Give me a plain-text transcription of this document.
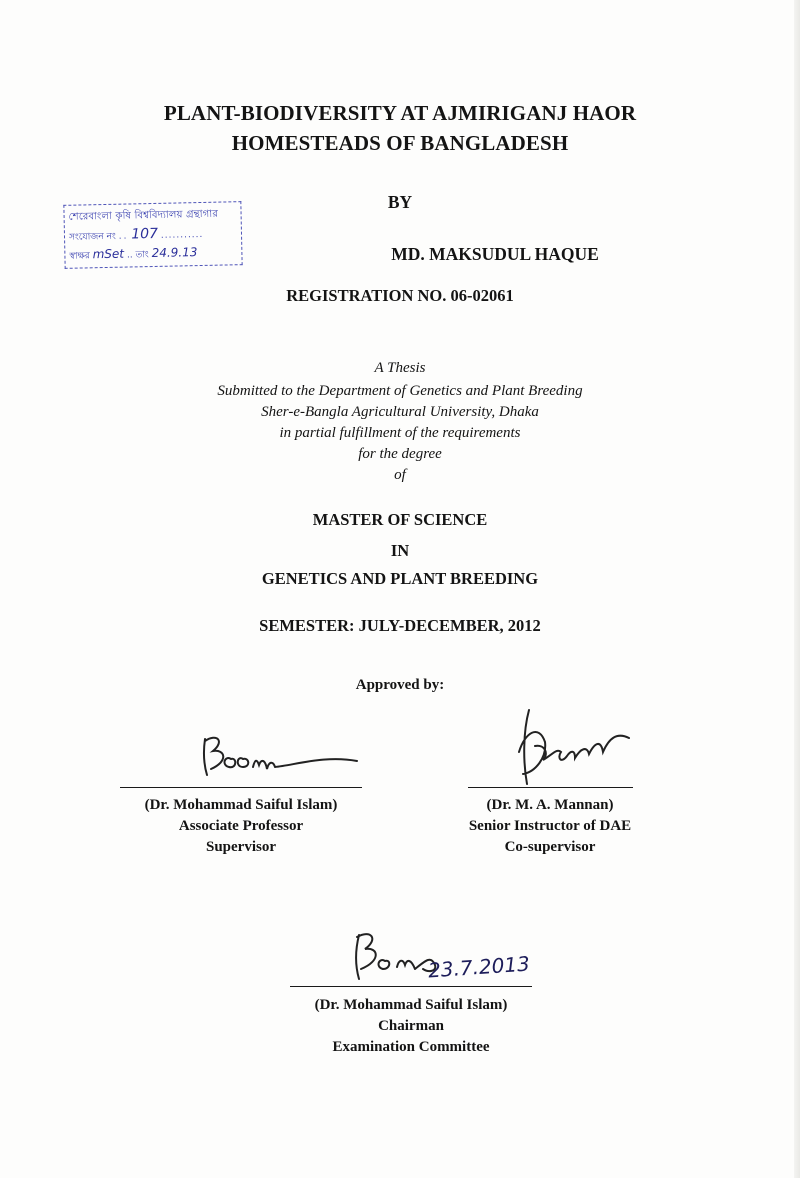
PLANT-BIODIVERSITY AT AJMIRIGANJ HAOR
HOMESTEADS OF BANGLADESH
BY
শেরেবাংলা কৃষি বিশ্ববিদ্যালয় গ্রন্থাগার
সংযোজন নং .. 107 ...........
স্বাক্ষর mSet .. তাং 24.9.13	MD. MAKSUDUL HAQUE
REGISTRATION NO. 06-02061
A Thesis
Submitted to the Department of Genetics and Plant Breeding
Sher-e-Bangla Agricultural University, Dhaka
in partial fulfillment of the requirements
for the degree
of
MASTER OF SCIENCE
IN
GENETICS AND PLANT BREEDING
SEMESTER: JULY-DECEMBER, 2012
Approved by:
(Dr. Mohammad Saiful Islam)
Associate Professor
Supervisor
(Dr. M. A. Mannan)
Senior Instructor of DAE
Co-supervisor
23.7.2013
(Dr. Mohammad Saiful Islam)
Chairman
Examination Committee
